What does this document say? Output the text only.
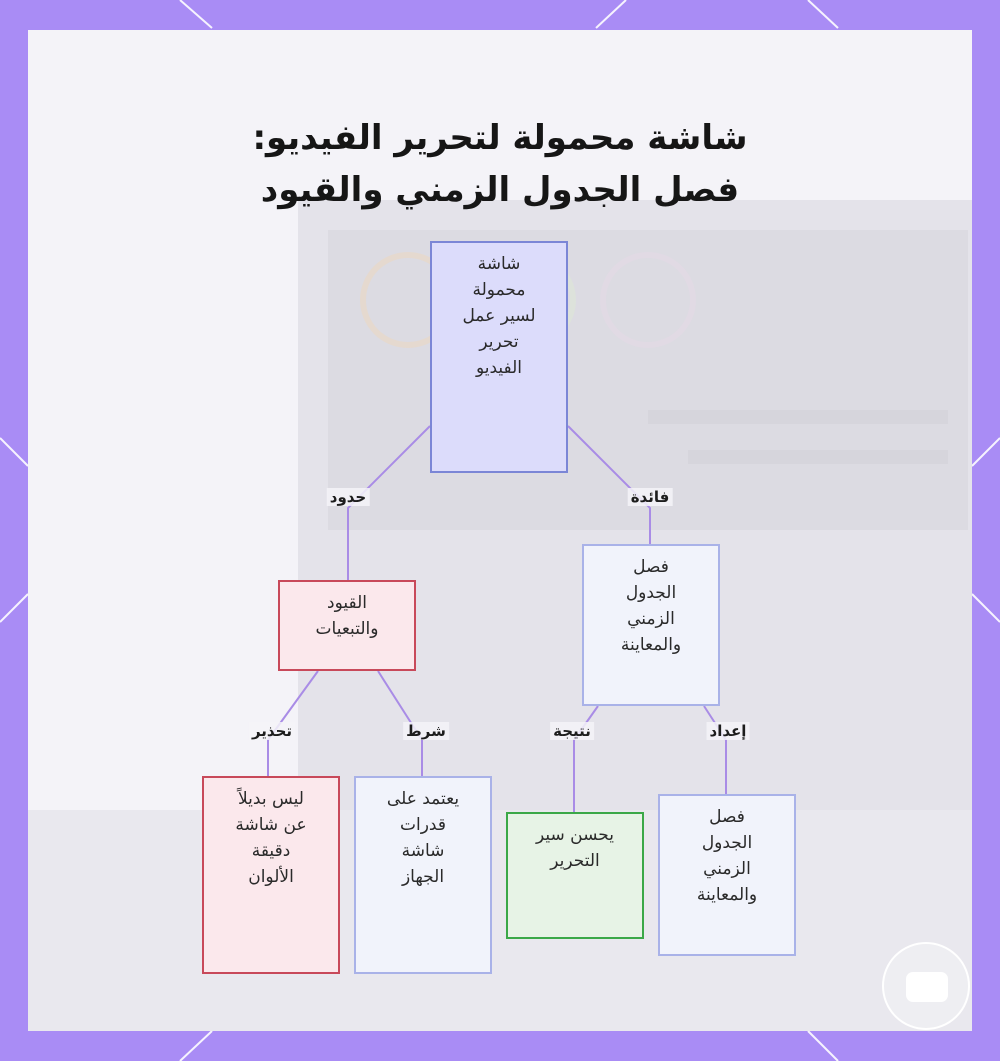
شاشة محمولة لتحرير الفيديو:
فصل الجدول الزمني والقيود
شاشة
محمولة
لسير عمل
تحرير
الفيديو
القيود
والتبعيات
فصل
الجدول
الزمني
والمعاينة
ليس بديلاً
عن شاشة
دقيقة
الألوان
يعتمد على
قدرات
شاشة
الجهاز
يحسن سير
التحرير
فصل
الجدول
الزمني
والمعاينة
حدود	فائدة
تحذير	شرط	نتيجة	إعداد
